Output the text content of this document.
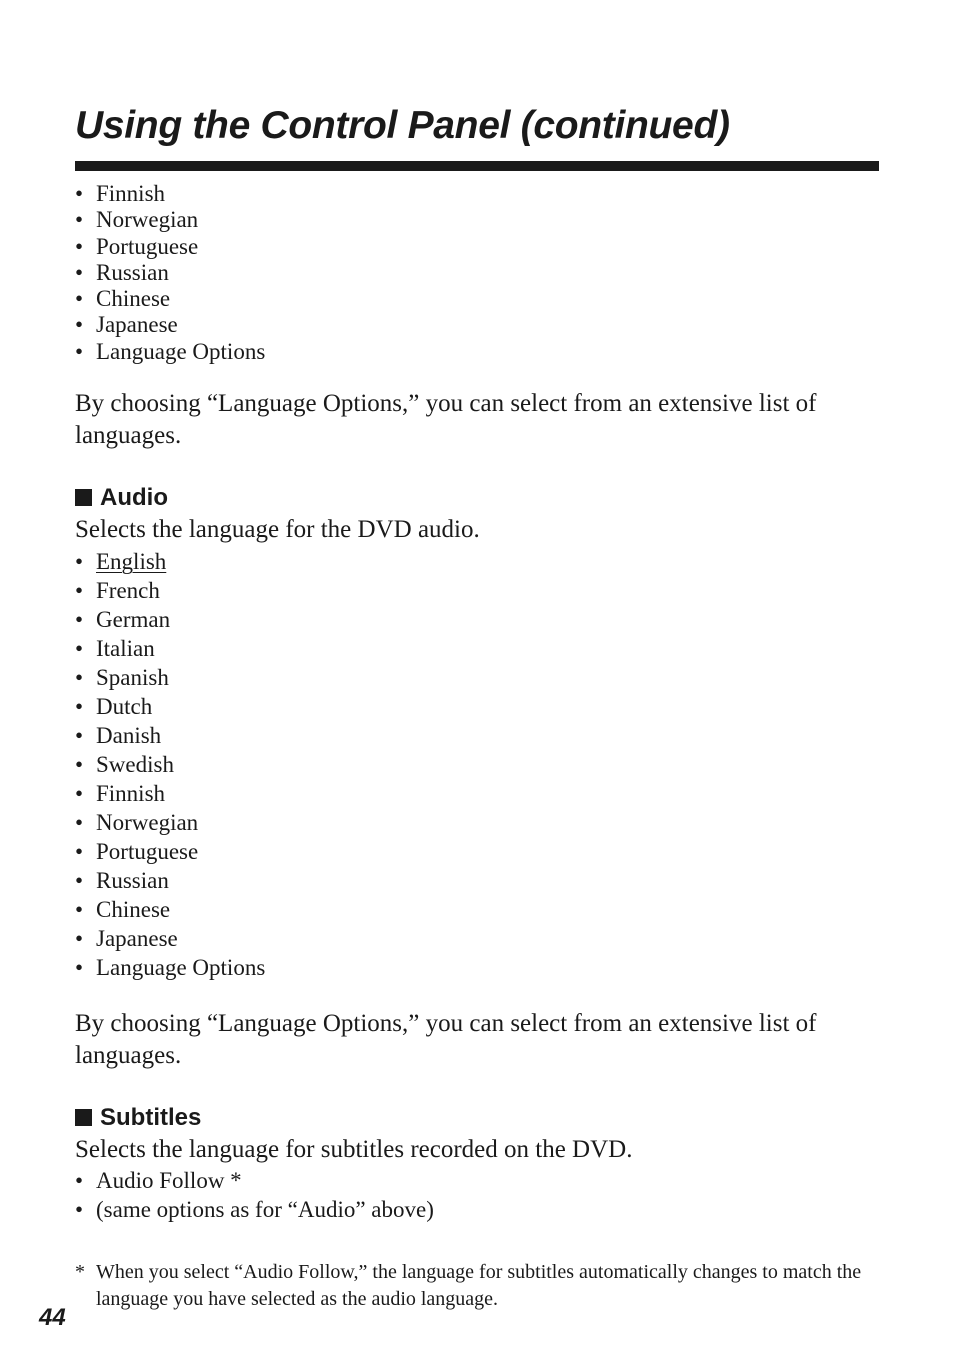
Using the Control Panel (continued)
• Finnish
• Norwegian
• Portuguese
• Russian
• Chinese
• Japanese
• Language Options

By choosing “Language Options,” you can select from an extensive list of languages.

Audio

Selects the language for the DVD audio.

• English
• French
• German
• Italian
• Spanish
• Dutch
• Danish
• Swedish
• Finnish
• Norwegian
• Portuguese
• Russian
• Chinese
• Japanese
• Language Options

By choosing “Language Options,” you can select from an extensive list of languages.

Subtitles

Selects the language for subtitles recorded on the DVD.

• Audio Follow *
• (same options as for “Audio” above)
* When you select “Audio Follow,” the language for subtitles automatically changes to match the language you have selected as the audio language.
44
